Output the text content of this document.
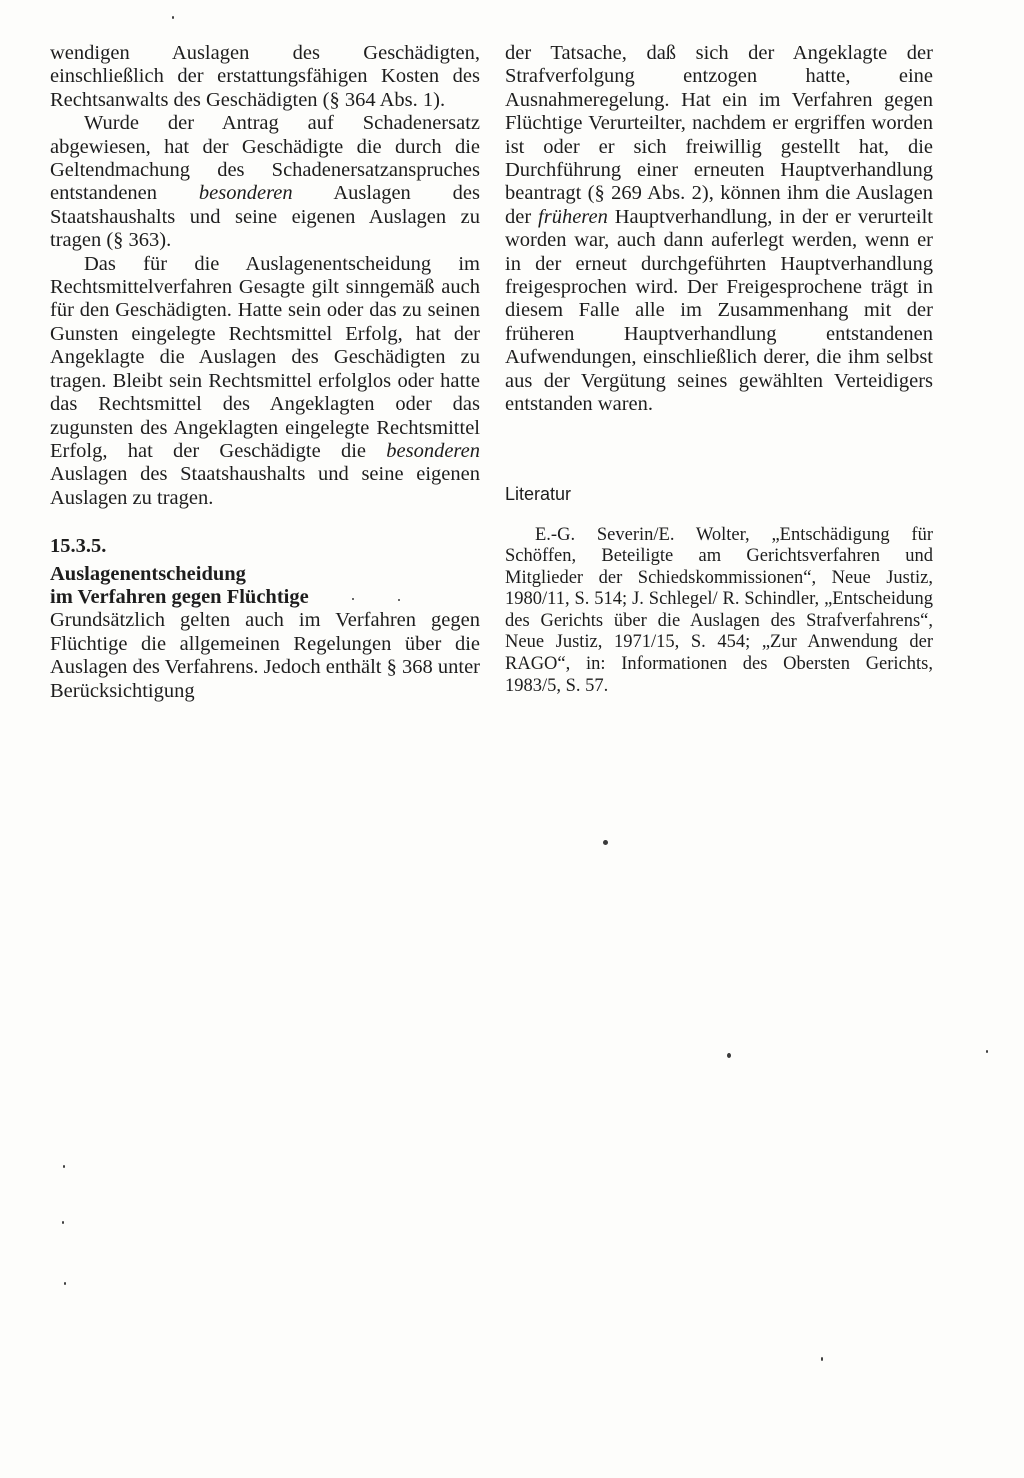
wendigen Auslagen des Geschädigten, einschließlich der erstattungsfähigen Kosten des Rechtsanwalts des Geschädigten (§ 364 Abs. 1).

Wurde der Antrag auf Schadenersatz abgewiesen, hat der Geschädigte die durch die Geltendmachung des Schadenersatzanspruches entstandenen besonderen Auslagen des Staatshaushalts und seine eigenen Auslagen zu tragen (§ 363).

Das für die Auslagenentscheidung im Rechtsmittelverfahren Gesagte gilt sinngemäß auch für den Geschädigten. Hatte sein oder das zu seinen Gunsten eingelegte Rechtsmittel Erfolg, hat der Angeklagte die Auslagen des Geschädigten zu tragen. Bleibt sein Rechtsmittel erfolglos oder hatte das Rechtsmittel des Angeklagten oder das zugunsten des Angeklagten eingelegte Rechtsmittel Erfolg, hat der Geschädigte die besonderen Auslagen des Staatshaushalts und seine eigenen Auslagen zu tragen.

15.3.5.
Auslagenentscheidung
im Verfahren gegen Flüchtige

Grundsätzlich gelten auch im Verfahren gegen Flüchtige die allgemeinen Regelungen über die Auslagen des Verfahrens. Jedoch enthält § 368 unter Berücksichtigung

der Tatsache, daß sich der Angeklagte der Strafverfolgung entzogen hatte, eine Ausnahmeregelung. Hat ein im Verfahren gegen Flüchtige Verurteilter, nachdem er ergriffen worden ist oder er sich freiwillig gestellt hat, die Durchführung einer erneuten Hauptverhandlung beantragt (§ 269 Abs. 2), können ihm die Auslagen der früheren Hauptverhandlung, in der er verurteilt worden war, auch dann auferlegt werden, wenn er in der erneut durchgeführten Hauptverhandlung freigesprochen wird. Der Freigesprochene trägt in diesem Falle alle im Zusammenhang mit der früheren Hauptverhandlung entstandenen Aufwendungen, einschließlich derer, die ihm selbst aus der Vergütung seines gewählten Verteidigers entstanden waren.

Literatur

E.-G. Severin/E. Wolter, „Entschädigung für Schöffen, Beteiligte am Gerichtsverfahren und Mitglieder der Schiedskommissionen“, Neue Justiz, 1980/11, S. 514; J. Schlegel/ R. Schindler, „Entscheidung des Gerichts über die Auslagen des Strafverfahrens“, Neue Justiz, 1971/15, S. 454; „Zur Anwendung der RAGO“, in: Informationen des Obersten Gerichts, 1983/5, S. 57.
